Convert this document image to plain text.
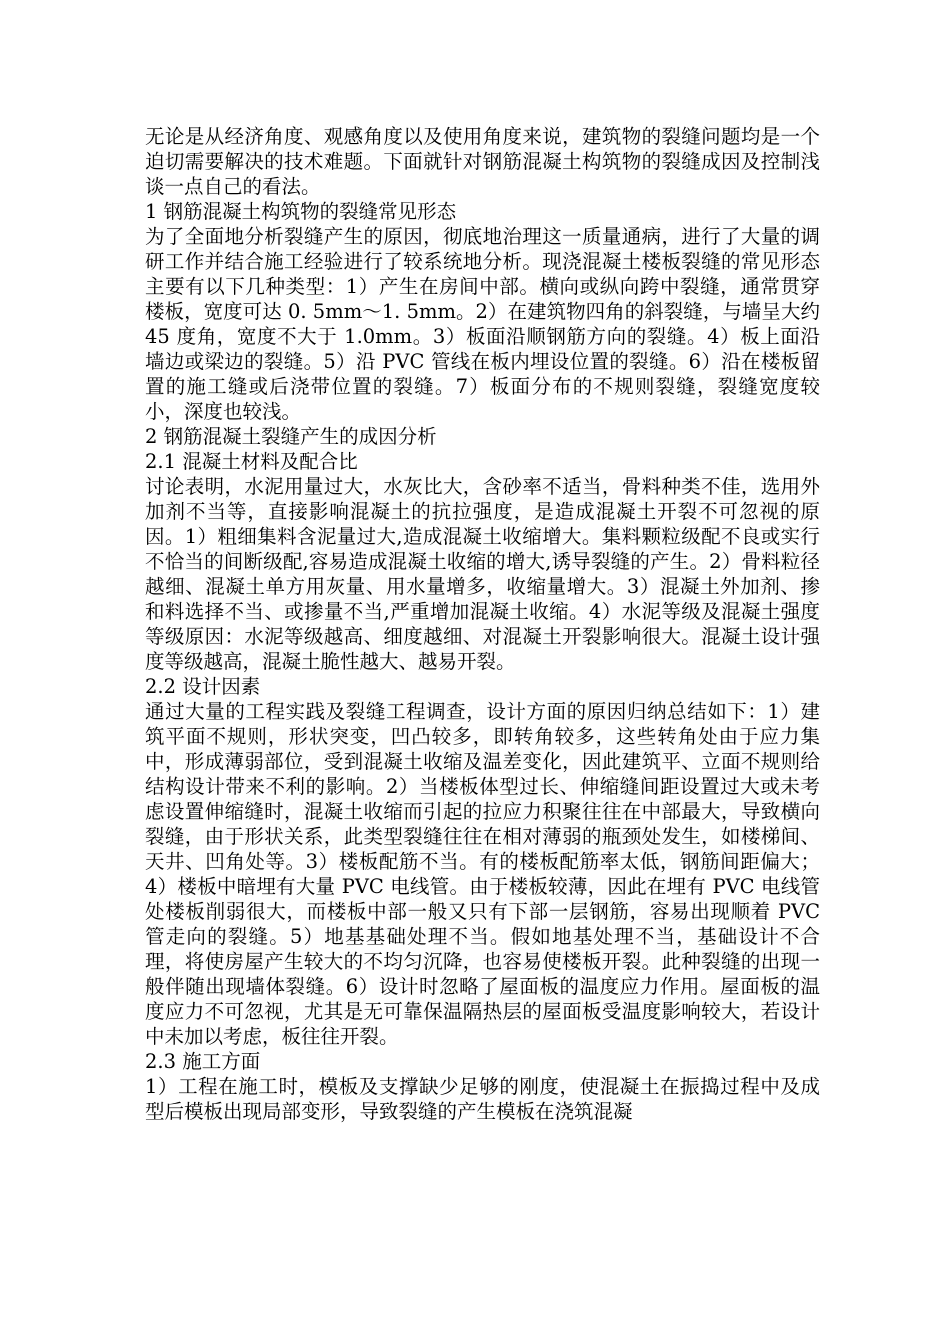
无论是从经济角度、观感角度以及使用角度来说，建筑物的裂缝问题均是一个迫切需要解决的技术难题。下面就针对钢筋混凝土构筑物的裂缝成因及控制浅谈一点自己的看法。

1 钢筋混凝土构筑物的裂缝常见形态

为了全面地分析裂缝产生的原因，彻底地治理这一质量通病，进行了大量的调研工作并结合施工经验进行了较系统地分析。现浇混凝土楼板裂缝的常见形态主要有以下几种类型：1）产生在房间中部。横向或纵向跨中裂缝，通常贯穿楼板，宽度可达 0. 5mm～1. 5mm。2）在建筑物四角的斜裂缝，与墙呈大约 45 度角，宽度不大于 1.0mm。3）板面沿顺钢筋方向的裂缝。4）板上面沿墙边或梁边的裂缝。5）沿 PVC 管线在板内埋设位置的裂缝。6）沿在楼板留置的施工缝或后浇带位置的裂缝。7）板面分布的不规则裂缝，裂缝宽度较小，深度也较浅。

2 钢筋混凝土裂缝产生的成因分析

2.1 混凝土材料及配合比

讨论表明，水泥用量过大，水灰比大，含砂率不适当，骨料种类不佳，选用外加剂不当等，直接影响混凝土的抗拉强度，是造成混凝土开裂不可忽视的原因。1）粗细集料含泥量过大,造成混凝土收缩增大。集料颗粒级配不良或实行不恰当的间断级配,容易造成混凝土收缩的增大,诱导裂缝的产生。2）骨料粒径越细、混凝土单方用灰量、用水量增多，收缩量增大。3）混凝土外加剂、掺和料选择不当、或掺量不当,严重增加混凝土收缩。4）水泥等级及混凝土强度等级原因：水泥等级越高、细度越细、对混凝土开裂影响很大。混凝土设计强度等级越高，混凝土脆性越大、越易开裂。

2.2 设计因素

通过大量的工程实践及裂缝工程调查，设计方面的原因归纳总结如下：1）建筑平面不规则，形状突变，凹凸较多，即转角较多，这些转角处由于应力集中，形成薄弱部位，受到混凝土收缩及温差变化，因此建筑平、立面不规则给结构设计带来不利的影响。2）当楼板体型过长、伸缩缝间距设置过大或未考虑设置伸缩缝时，混凝土收缩而引起的拉应力积聚往往在中部最大，导致横向裂缝，由于形状关系，此类型裂缝往往在相对薄弱的瓶颈处发生，如楼梯间、天井、凹角处等。3）楼板配筋不当。有的楼板配筋率太低，钢筋间距偏大；4）楼板中暗埋有大量 PVC 电线管。由于楼板较薄，因此在埋有 PVC 电线管处楼板削弱很大，而楼板中部一般又只有下部一层钢筋，容易出现顺着 PVC 管走向的裂缝。5）地基基础处理不当。假如地基处理不当，基础设计不合理，将使房屋产生较大的不均匀沉降，也容易使楼板开裂。此种裂缝的出现一般伴随出现墙体裂缝。6）设计时忽略了屋面板的温度应力作用。屋面板的温度应力不可忽视，尤其是无可靠保温隔热层的屋面板受温度影响较大，若设计中未加以考虑，板往往开裂。

2.3 施工方面

1）工程在施工时，模板及支撑缺少足够的刚度，使混凝土在振捣过程中及成型后模板出现局部变形，导致裂缝的产生模板在浇筑混凝
